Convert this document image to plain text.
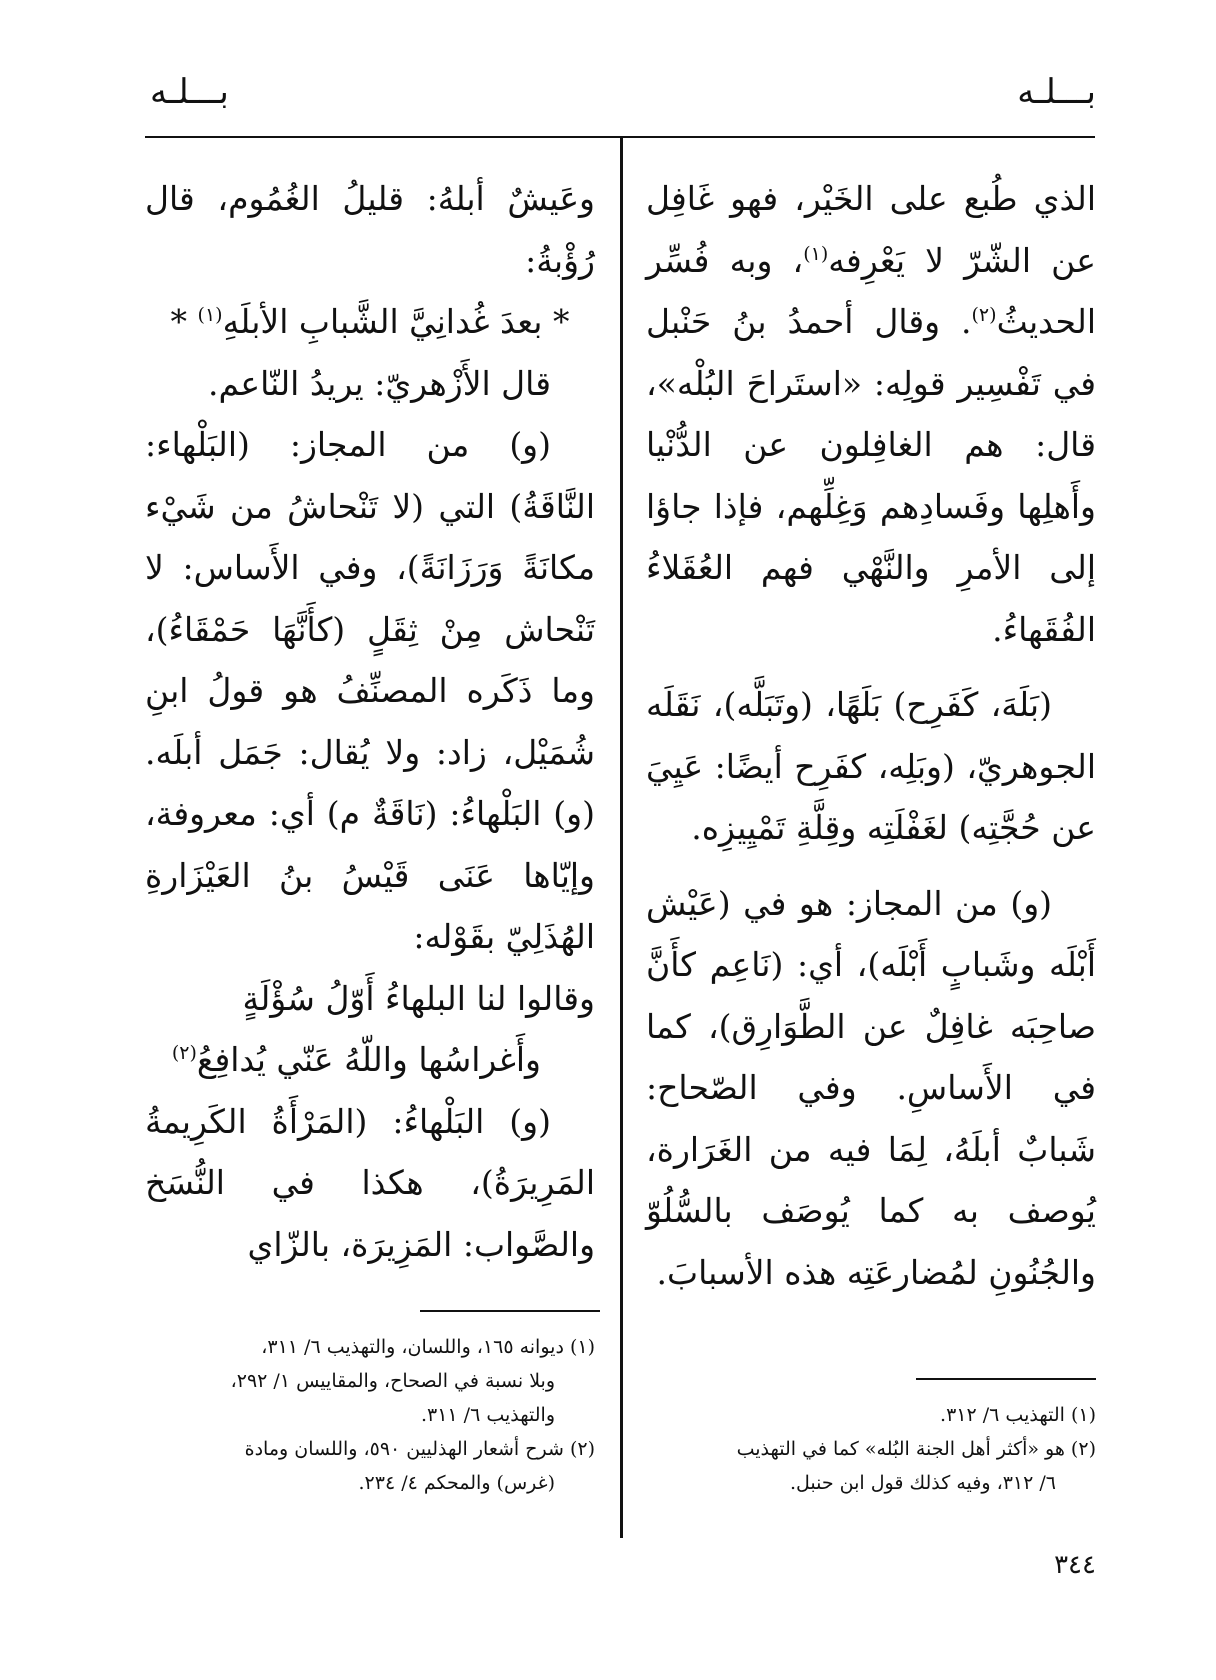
بـــلـه
بـــلـه

الذي طُبع على الخَيْر، فهو غَافِل عن الشّرّ لا يَعْرِفه$^{(١)}$، وبه فُسِّر الحديثُ$^{(٢)}$. وقال أحمدُ بنُ حَنْبل في تَفْسِير قولِه: «استَراحَ البُلْه»، قال: هم الغافِلون عن الدُّنْيا وأَهلِها وفَسادِهم وَغِلِّهم، فإذا جاؤا إلى الأمرِ والنَّهْي فهم العُقَلاءُ الفُقَهاءُ.

(بَلَهَ، كَفَرِح) بَلَهًا، (وتَبَلَّه)، نَقَلَه الجوهريّ، (وبَلِه، كفَرِح أيضًا: عَيِيَ عن حُجَّتِه) لغَفْلَتِه وقِلَّةِ تَمْيِيزِه.

(و) من المجاز: هو في (عَيْش أَبْلَه وشَبابٍ أَبْلَه)، أي: (نَاعِم كأَنَّ صاحِبَه غافِلٌ عن الطَّوَارِق)، كما في الأَساسِ. وفي الصّحاح: شَبابٌ أبلَهُ، لِمَا فيه من الغَرَارة، يُوصف به كما يُوصَف بالسُّلُوّ والجُنُونِ لمُضارعَتِه هذه الأسبابَ.

وعَيشٌ أبلهُ: قليلُ الغُمُوم، قال رُؤْبةُ:

* بعدَ غُدانِيَّ الشَّبابِ الأبلَهِ$^{(١)}$ *

قال الأَزْهريّ: يريدُ النّاعم.

(و) من المجاز: (البَلْهاء: النَّاقَةُ) التي (لا تَنْحاشُ من شَيْء مكانَةً وَرَزَانَةً)، وفي الأَساس: لا تَنْحاش مِنْ ثِقَلٍ (كأَنَّهَا حَمْقَاءُ)، وما ذَكَره المصنِّفُ هو قولُ ابنِ شُمَيْل، زاد: ولا يُقال: جَمَل أبلَه. (و) البَلْهاءُ: (نَاقَةٌ م) أي: معروفة، وإيّاها عَنَى قَيْسُ بنُ العَيْزَارةِ الهُذَلِيّ بقَوْله:

وقالوا لنا البلهاءُ أَوّلُ سُؤْلَةٍ

وأَغراسُها واللّهُ عَنّي يُدافِعُ$^{(٢)}$

(و) البَلْهاءُ: (المَرْأَةُ الكَرِيمةُ المَرِيرَةُ)، هكذا في النُّسَخ والصَّواب: المَزِيرَة، بالزّاي

(١) التهذيب ٦/ ٣١٢.

(٢) هو «أكثر أهل الجنة البُله» كما في التهذيب

٦/ ٣١٢، وفيه كذلك قول ابن حنبل.

(١) ديوانه ١٦٥، واللسان، والتهذيب ٦/ ٣١١،

وبلا نسبة في الصحاح، والمقاييس ١/ ٢٩٢،

والتهذيب ٦/ ٣١١.

(٢) شرح أشعار الهذليين ٥٩٠، واللسان ومادة

(غرس) والمحكم ٤/ ٢٣٤.

٣٤٤
